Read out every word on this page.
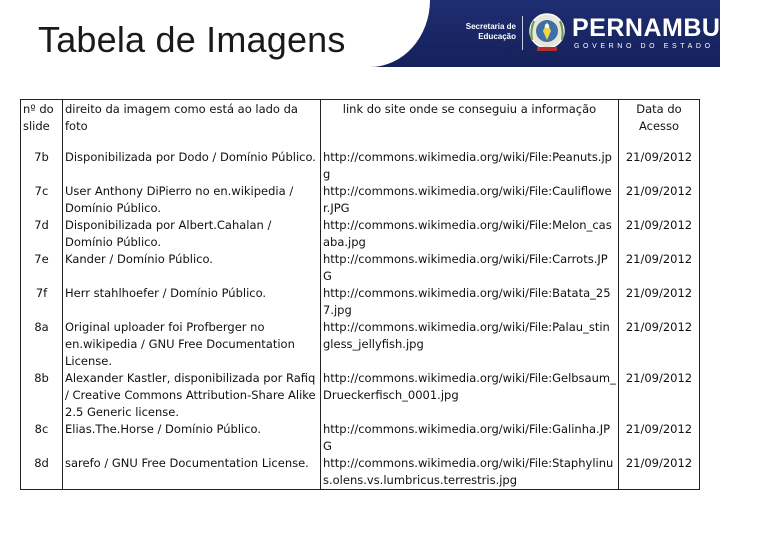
Tabela de Imagens	Secretaria de
Educação PERNAMBUCO
GOVERNO DO ESTADO
nº do slide	direito da imagem como está ao lado da foto	link do site onde se conseguiu a informação	Data do Acesso

7b	Disponibilizada por Dodo / Domínio Público.	http://commons.wikimedia.org/wiki/File:Peanuts.jpg	21/09/2012
7c	User Anthony DiPierro no en.wikipedia / Domínio Público.	http://commons.wikimedia.org/wiki/File:Cauliflower.JPG	21/09/2012
7d	Disponibilizada por Albert.Cahalan / Domínio Público.	http://commons.wikimedia.org/wiki/File:Melon_casaba.jpg	21/09/2012
7e	Kander / Domínio Público.	http://commons.wikimedia.org/wiki/File:Carrots.JPG	21/09/2012
7f	Herr stahlhoefer / Domínio Público.	http://commons.wikimedia.org/wiki/File:Batata_257.jpg	21/09/2012
8a	Original uploader foi Profberger no en.wikipedia / GNU Free Documentation License.	http://commons.wikimedia.org/wiki/File:Palau_stingless_jellyfish.jpg	21/09/2012
8b	Alexander Kastler, disponibilizada por Rafiq / Creative Commons Attribution-Share Alike 2.5 Generic license.	http://commons.wikimedia.org/wiki/File:Gelbsaum_Drueckerfisch_0001.jpg	21/09/2012
8c	Elias.The.Horse / Domínio Público.	http://commons.wikimedia.org/wiki/File:Galinha.JPG	21/09/2012
8d	sarefo / GNU Free Documentation License.	http://commons.wikimedia.org/wiki/File:Staphylinus.olens.vs.lumbricus.terrestris.jpg	21/09/2012
